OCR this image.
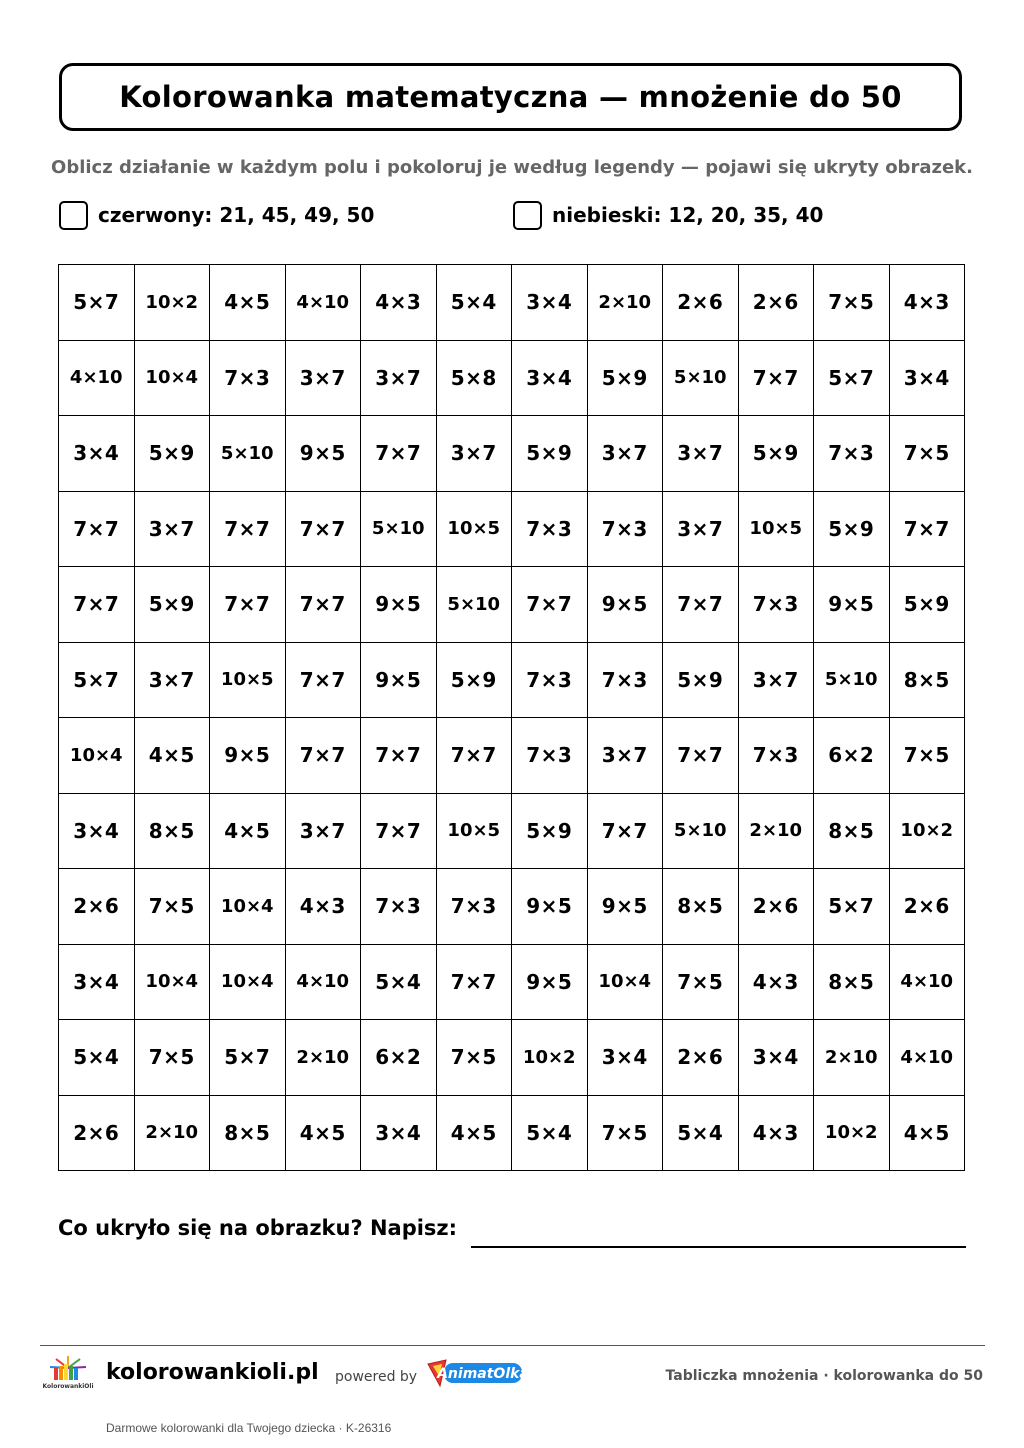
Kolorowanka matematyczna — mnożenie do 50
Oblicz działanie w każdym polu i pokoloruj je według legendy — pojawi się ukryty obrazek.
czerwony: 21, 45, 49, 50	niebieski: 12, 20, 35, 40
5×7	10×2	4×5	4×10	4×3	5×4	3×4	2×10	2×6	2×6	7×5	4×3
4×10	10×4	7×3	3×7	3×7	5×8	3×4	5×9	5×10	7×7	5×7	3×4
3×4	5×9	5×10	9×5	7×7	3×7	5×9	3×7	3×7	5×9	7×3	7×5
7×7	3×7	7×7	7×7	5×10	10×5	7×3	7×3	3×7	10×5	5×9	7×7
7×7	5×9	7×7	7×7	9×5	5×10	7×7	9×5	7×7	7×3	9×5	5×9
5×7	3×7	10×5	7×7	9×5	5×9	7×3	7×3	5×9	3×7	5×10	8×5
10×4	4×5	9×5	7×7	7×7	7×7	7×3	3×7	7×7	7×3	6×2	7×5
3×4	8×5	4×5	3×7	7×7	10×5	5×9	7×7	5×10	2×10	8×5	10×2
2×6	7×5	10×4	4×3	7×3	7×3	9×5	9×5	8×5	2×6	5×7	2×6
3×4	10×4	10×4	4×10	5×4	7×7	9×5	10×4	7×5	4×3	8×5	4×10
5×4	7×5	5×7	2×10	6×2	7×5	10×2	3×4	2×6	3×4	2×10	4×10
2×6	2×10	8×5	4×5	3×4	4×5	5×4	7×5	5×4	4×3	10×2	4×5
Co ukryło się na obrazku? Napisz:
KolorowankiOli
kolorowankioli.pl powered by AnimatOlka	Tabliczka mnożenia · kolorowanka do 50
Darmowe kolorowanki dla Twojego dziecka · K-26316
